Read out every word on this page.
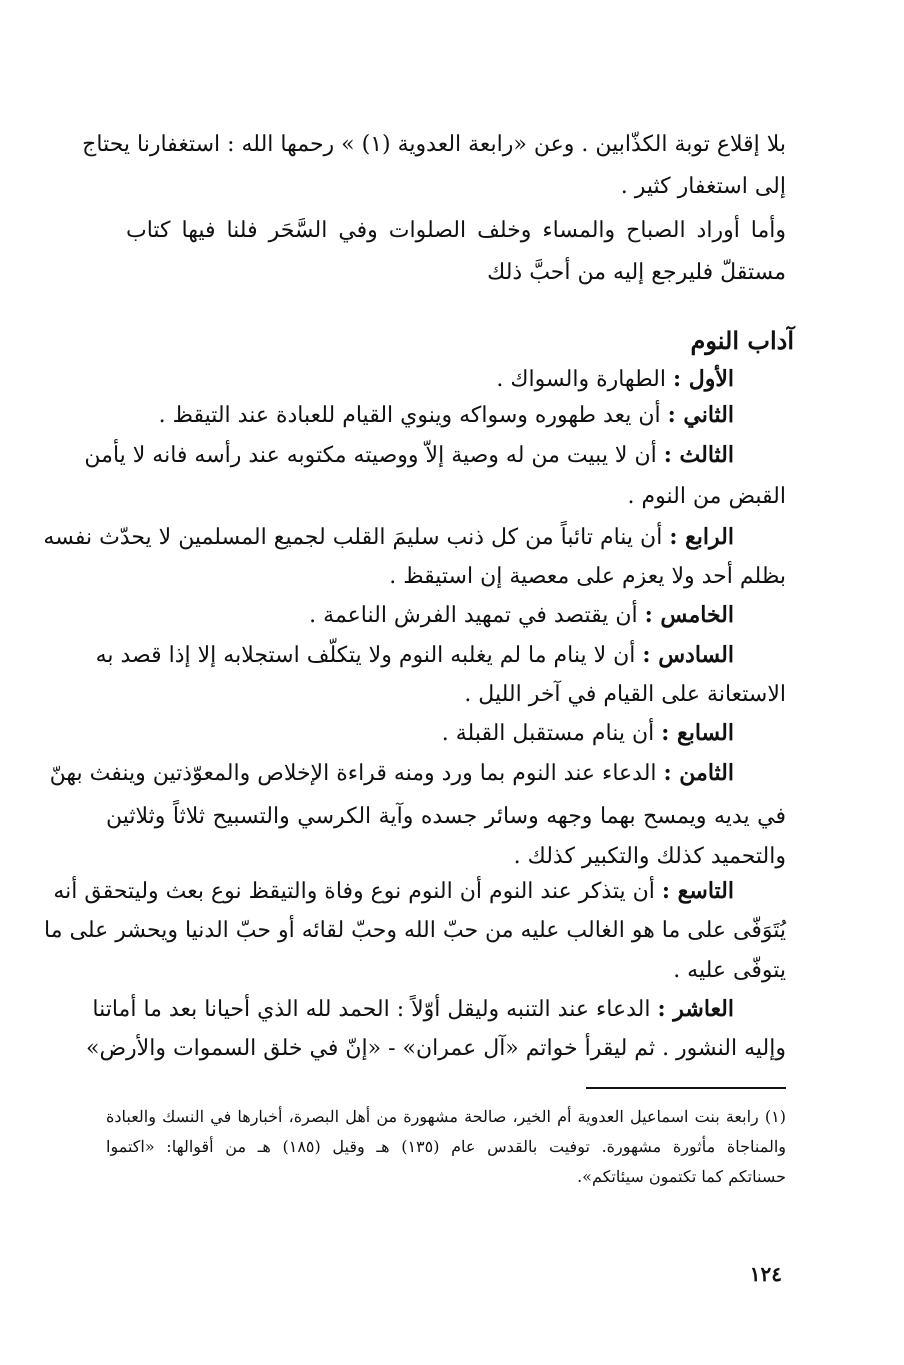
بلا إقلاع توبة الكذّابين . وعن «رابعة العدوية (١) » رحمها الله : استغفارنا يحتاج
إلى استغفار كثير .
وأما أوراد الصباح والمساء وخلف الصلوات وفي السَّحَر فلنا فيها كتاب
مستقلّ فليرجع إليه من أحبَّ ذلك
آداب النوم
الأول : الطهارة والسواك .
الثاني : أن يعد طهوره وسواكه وينوي القيام للعبادة عند التيقظ .
الثالث : أن لا يبيت من له وصية إلاّ ووصيته مكتوبه عند رأسه فانه لا يأمن
القبض من النوم .
الرابع : أن ينام تائباً من كل ذنب سليمَ القلب لجميع المسلمين لا يحدّث نفسه
بظلم أحد ولا يعزم على معصية إن استيقظ .
الخامس : أن يقتصد في تمهيد الفرش الناعمة .
السادس : أن لا ينام ما لم يغلبه النوم ولا يتكلّف استجلابه إلا إذا قصد به
الاستعانة على القيام في آخر الليل .
السابع : أن ينام مستقبل القبلة .
الثامن : الدعاء عند النوم بما ورد ومنه قراءة الإخلاص والمعوّذتين وينفث بهنّ
في يديه ويمسح بهما وجهه وسائر جسده وآية الكرسي والتسبيح ثلاثاً وثلاثين
والتحميد كذلك والتكبير كذلك .
التاسع : أن يتذكر عند النوم أن النوم نوع وفاة والتيقظ نوع بعث وليتحقق أنه
يُتَوَفّى على ما هو الغالب عليه من حبّ الله وحبّ لقائه أو حبّ الدنيا ويحشر على ما
يتوفّى عليه .
العاشر : الدعاء عند التنبه وليقل أوّلاً : الحمد لله الذي أحيانا بعد ما أماتنا
وإليه النشور . ثم ليقرأ خواتم «آل عمران» - «إنّ في خلق السموات والأرض»
(١) رابعة بنت اسماعيل العدوية أم الخير، صالحة مشهورة من أهل البصرة، أخبارها في النسك والعبادة
والمناجاة مأثورة مشهورة. توفيت بالقدس عام (١٣٥) هـ وقيل (١٨٥) هـ من أقوالها: «اكتموا
حسناتكم كما تكتمون سيئاتكم».
١٢٤
